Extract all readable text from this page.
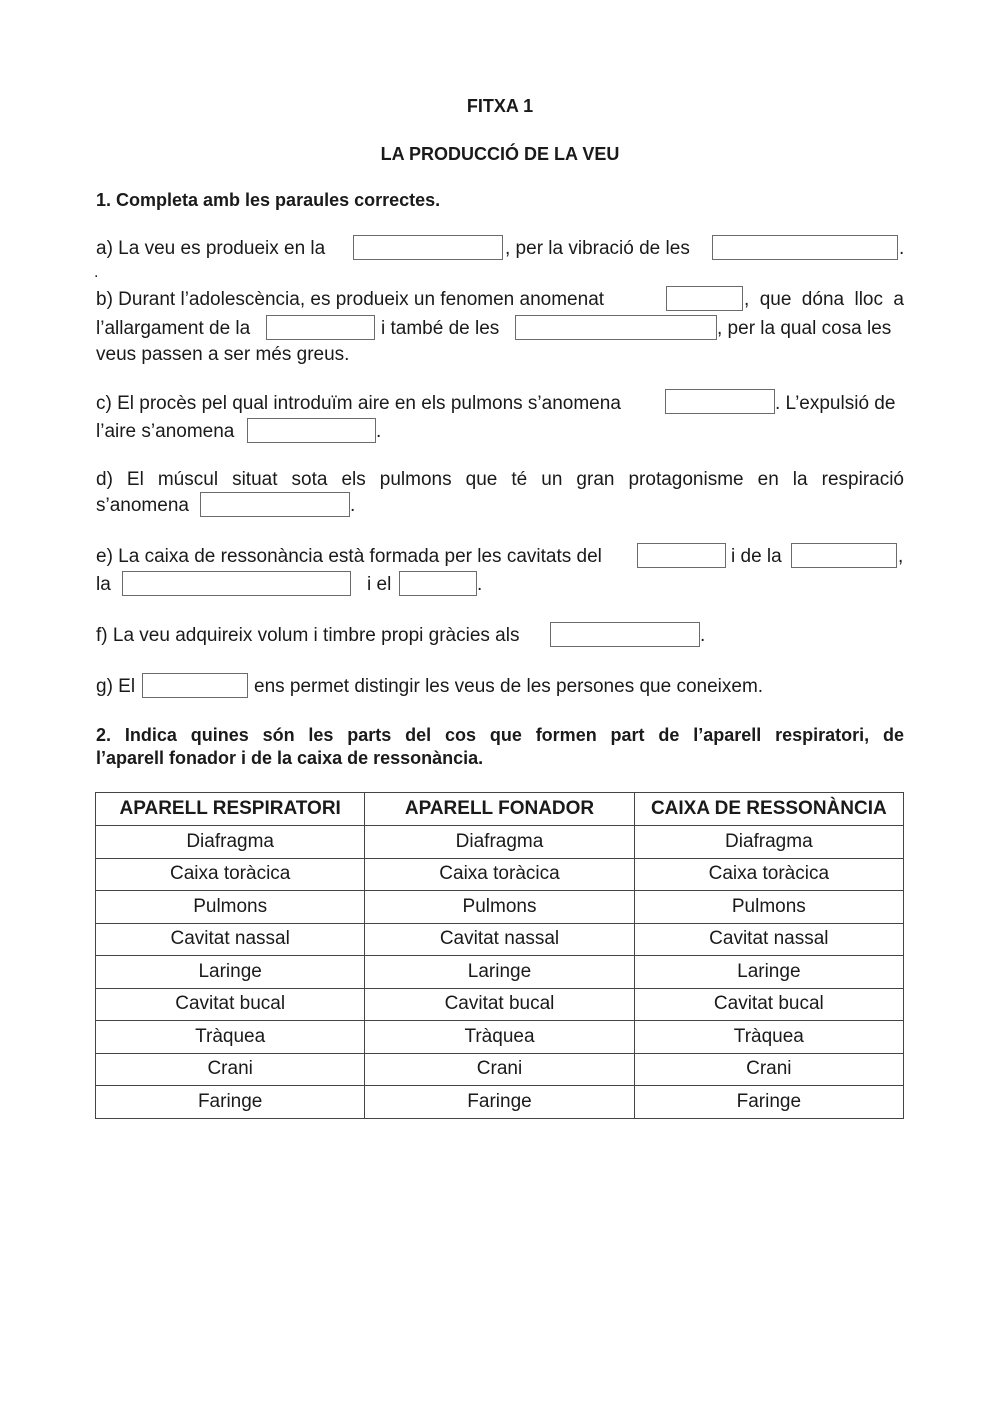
FITXA 1
LA PRODUCCIÓ DE LA VEU
1. Completa amb les paraules correctes.
a) La veu es produeix en la	, per la vibració de les	.
.
b) Durant l’adolescència, es produeix un fenomen anomenat	, que dóna lloc a
l’allargament de la	i també de les	, per la qual cosa les
veus passen a ser més greus.
c) El procès pel qual introduïm aire en els pulmons s’anomena	. L’expulsió de
l’aire s’anomena	.
d) El múscul situat sota els pulmons que té un gran protagonisme en la respiració
s’anomena	.
e) La caixa de ressonància està formada per les cavitats del	i de la	,
la	i el	.
f) La veu adquireix volum i timbre propi gràcies als	.
g) El	ens permet distingir les veus de les persones que coneixem.
2. Indica quines són les parts del cos que formen part de l’aparell respiratori, de
l’aparell fonador i de la caixa de ressonància.
APARELL RESPIRATORI	APARELL FONADOR	CAIXA DE RESSONÀNCIA
Diafragma	Diafragma	Diafragma
Caixa toràcica	Caixa toràcica	Caixa toràcica
Pulmons	Pulmons	Pulmons
Cavitat nassal	Cavitat nassal	Cavitat nassal
Laringe	Laringe	Laringe
Cavitat bucal	Cavitat bucal	Cavitat bucal
Tràquea	Tràquea	Tràquea
Crani	Crani	Crani
Faringe	Faringe	Faringe
